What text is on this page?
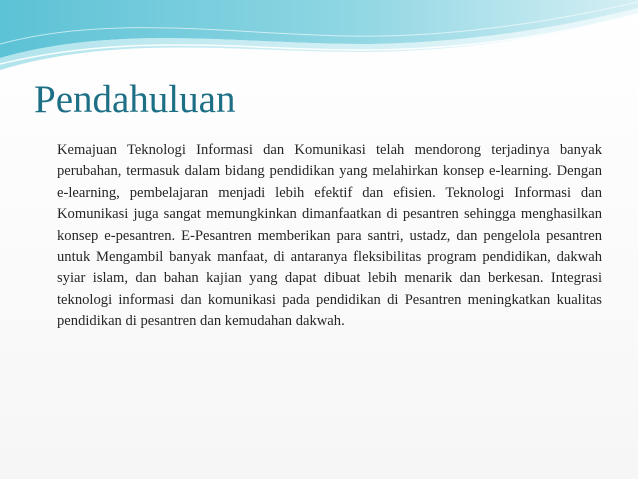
Pendahuluan

Kemajuan Teknologi Informasi dan Komunikasi telah mendorong terjadinya banyak perubahan, termasuk dalam bidang pendidikan yang melahirkan konsep e-learning. Dengan e-learning, pembelajaran menjadi lebih efektif dan efisien. Teknologi Informasi dan Komunikasi juga sangat memungkinkan dimanfaatkan di pesantren sehingga menghasilkan konsep e-pesantren. E-Pesantren memberikan para santri, ustadz, dan pengelola pesantren untuk Mengambil banyak manfaat, di antaranya fleksibilitas program pendidikan, dakwah syiar islam, dan bahan kajian yang dapat dibuat lebih menarik dan berkesan. Integrasi teknologi informasi dan komunikasi pada pendidikan di Pesantren meningkatkan kualitas pendidikan di pesantren dan kemudahan dakwah.
